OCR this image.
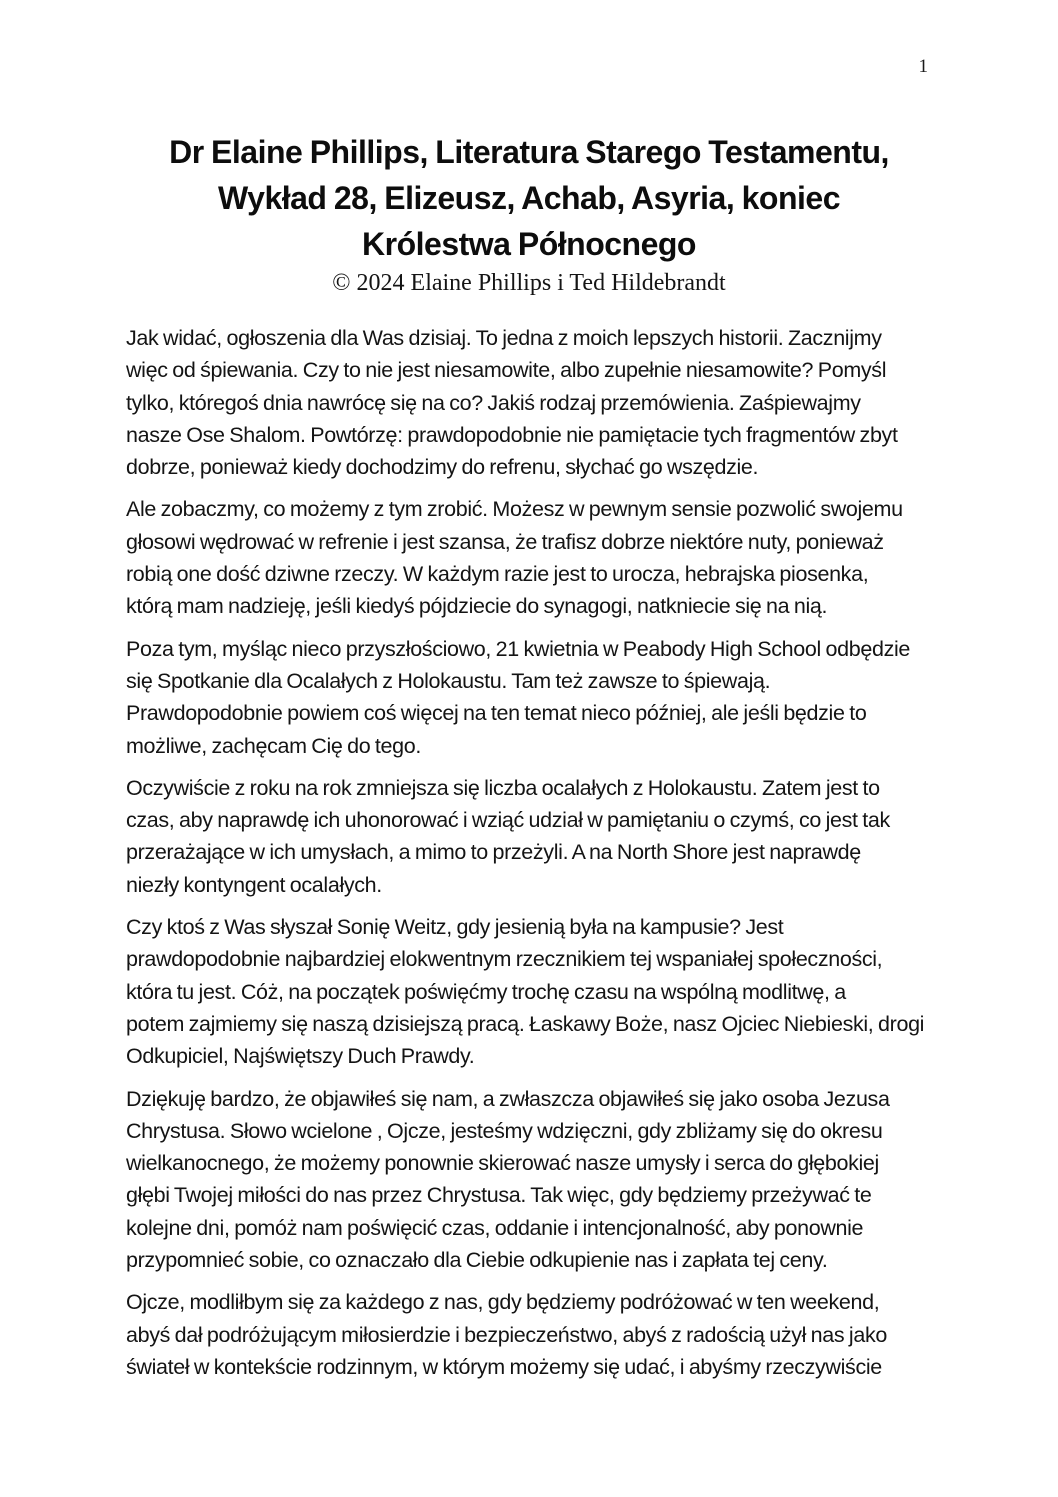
1
Dr Elaine Phillips, Literatura Starego Testamentu,
Wykład 28, Elizeusz, Achab, Asyria, koniec
Królestwa Północnego
© 2024 Elaine Phillips i Ted Hildebrandt
Jak widać, ogłoszenia dla Was dzisiaj. To jedna z moich lepszych historii. Zacznijmy
więc od śpiewania. Czy to nie jest niesamowite, albo zupełnie niesamowite? Pomyśl
tylko, któregoś dnia nawrócę się na co? Jakiś rodzaj przemówienia. Zaśpiewajmy
nasze Ose Shalom. Powtórzę: prawdopodobnie nie pamiętacie tych fragmentów zbyt
dobrze, ponieważ kiedy dochodzimy do refrenu, słychać go wszędzie.
Ale zobaczmy, co możemy z tym zrobić. Możesz w pewnym sensie pozwolić swojemu
głosowi wędrować w refrenie i jest szansa, że trafisz dobrze niektóre nuty, ponieważ
robią one dość dziwne rzeczy. W każdym razie jest to urocza, hebrajska piosenka,
którą mam nadzieję, jeśli kiedyś pójdziecie do synagogi, natkniecie się na nią.
Poza tym, myśląc nieco przyszłościowo, 21 kwietnia w Peabody High School odbędzie
się Spotkanie dla Ocalałych z Holokaustu. Tam też zawsze to śpiewają.
Prawdopodobnie powiem coś więcej na ten temat nieco później, ale jeśli będzie to
możliwe, zachęcam Cię do tego.
Oczywiście z roku na rok zmniejsza się liczba ocalałych z Holokaustu. Zatem jest to
czas, aby naprawdę ich uhonorować i wziąć udział w pamiętaniu o czymś, co jest tak
przerażające w ich umysłach, a mimo to przeżyli. A na North Shore jest naprawdę
niezły kontyngent ocalałych.
Czy ktoś z Was słyszał Sonię Weitz, gdy jesienią była na kampusie? Jest
prawdopodobnie najbardziej elokwentnym rzecznikiem tej wspaniałej społeczności,
która tu jest. Cóż, na początek poświęćmy trochę czasu na wspólną modlitwę, a
potem zajmiemy się naszą dzisiejszą pracą. Łaskawy Boże, nasz Ojciec Niebieski, drogi
Odkupiciel, Najświętszy Duch Prawdy.
Dziękuję bardzo, że objawiłeś się nam, a zwłaszcza objawiłeś się jako osoba Jezusa
Chrystusa. Słowo wcielone , Ojcze, jesteśmy wdzięczni, gdy zbliżamy się do okresu
wielkanocnego, że możemy ponownie skierować nasze umysły i serca do głębokiej
głębi Twojej miłości do nas przez Chrystusa. Tak więc, gdy będziemy przeżywać te
kolejne dni, pomóż nam poświęcić czas, oddanie i intencjonalność, aby ponownie
przypomnieć sobie, co oznaczało dla Ciebie odkupienie nas i zapłata tej ceny.
Ojcze, modliłbym się za każdego z nas, gdy będziemy podróżować w ten weekend,
abyś dał podróżującym miłosierdzie i bezpieczeństwo, abyś z radością użył nas jako
świateł w kontekście rodzinnym, w którym możemy się udać, i abyśmy rzeczywiście
